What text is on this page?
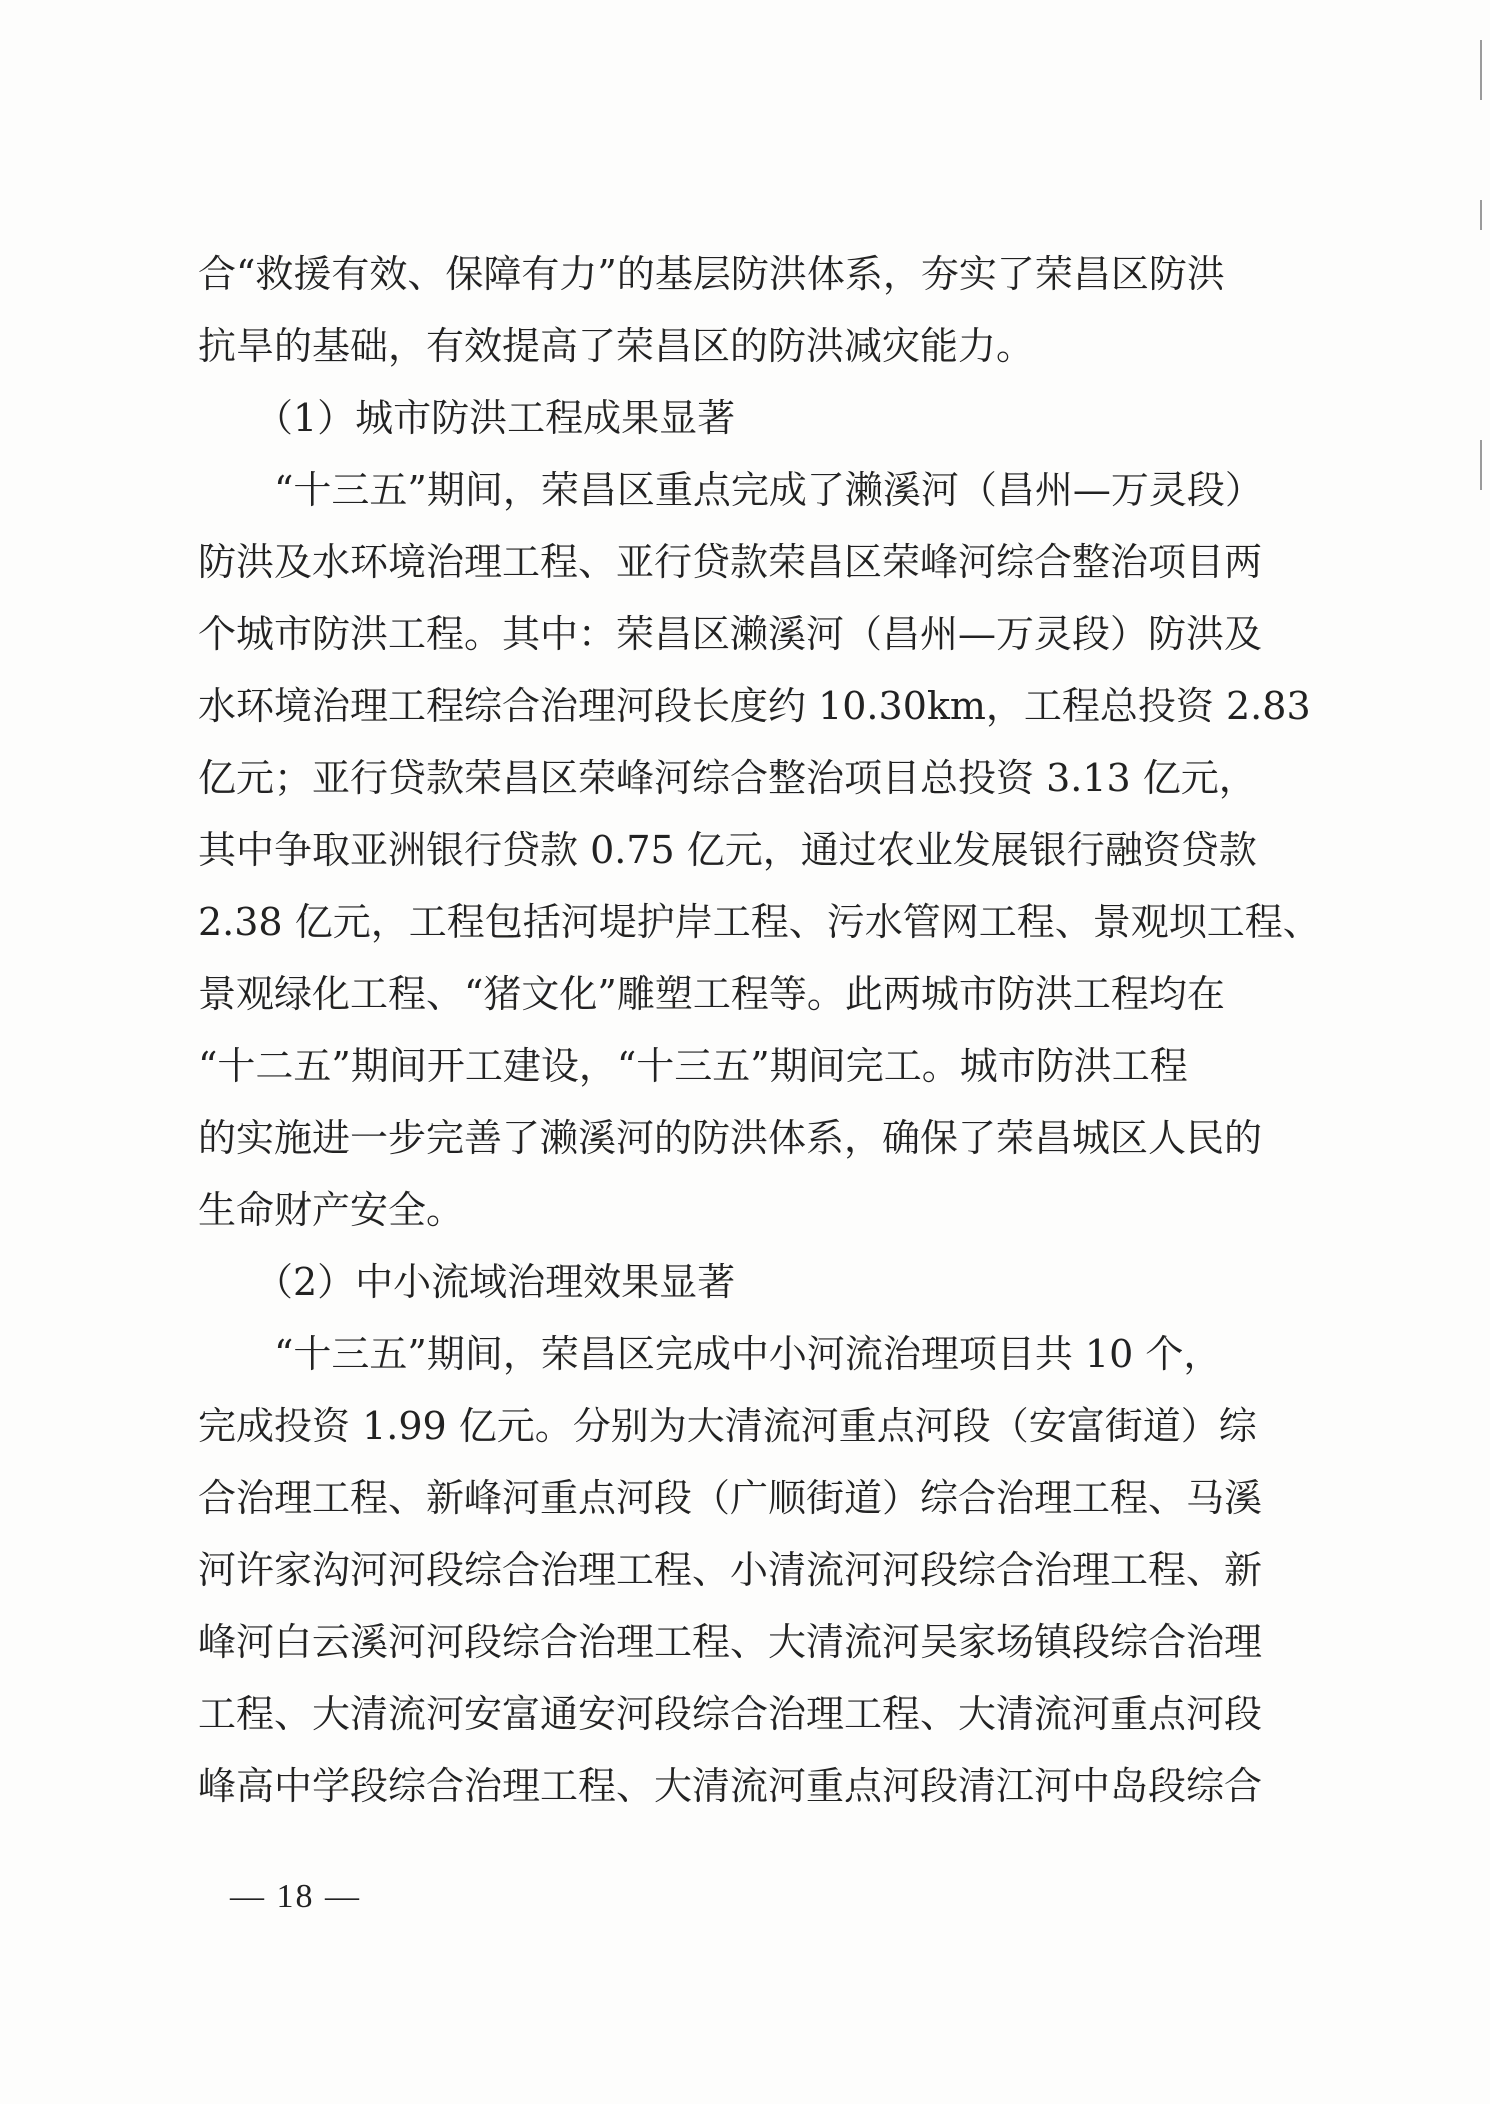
合“救援有效、保障有力”的基层防洪体系，夯实了荣昌区防洪
抗旱的基础，有效提高了荣昌区的防洪减灾能力。
　　（1）城市防洪工程成果显著
　　“十三五”期间，荣昌区重点完成了濑溪河（昌州—万灵段）
防洪及水环境治理工程、亚行贷款荣昌区荣峰河综合整治项目两
个城市防洪工程。其中：荣昌区濑溪河（昌州—万灵段）防洪及
水环境治理工程综合治理河段长度约 10.30km，工程总投资 2.83
亿元；亚行贷款荣昌区荣峰河综合整治项目总投资 3.13 亿元，
其中争取亚洲银行贷款 0.75 亿元，通过农业发展银行融资贷款
2.38 亿元，工程包括河堤护岸工程、污水管网工程、景观坝工程、
景观绿化工程、“猪文化”雕塑工程等。此两城市防洪工程均在
“十二五”期间开工建设，“十三五”期间完工。城市防洪工程
的实施进一步完善了濑溪河的防洪体系，确保了荣昌城区人民的
生命财产安全。
　　（2）中小流域治理效果显著
　　“十三五”期间，荣昌区完成中小河流治理项目共 10 个，
完成投资 1.99 亿元。分别为大清流河重点河段（安富街道）综
合治理工程、新峰河重点河段（广顺街道）综合治理工程、马溪
河许家沟河河段综合治理工程、小清流河河段综合治理工程、新
峰河白云溪河河段综合治理工程、大清流河吴家场镇段综合治理
工程、大清流河安富通安河段综合治理工程、大清流河重点河段
峰高中学段综合治理工程、大清流河重点河段清江河中岛段综合
— 18 —
